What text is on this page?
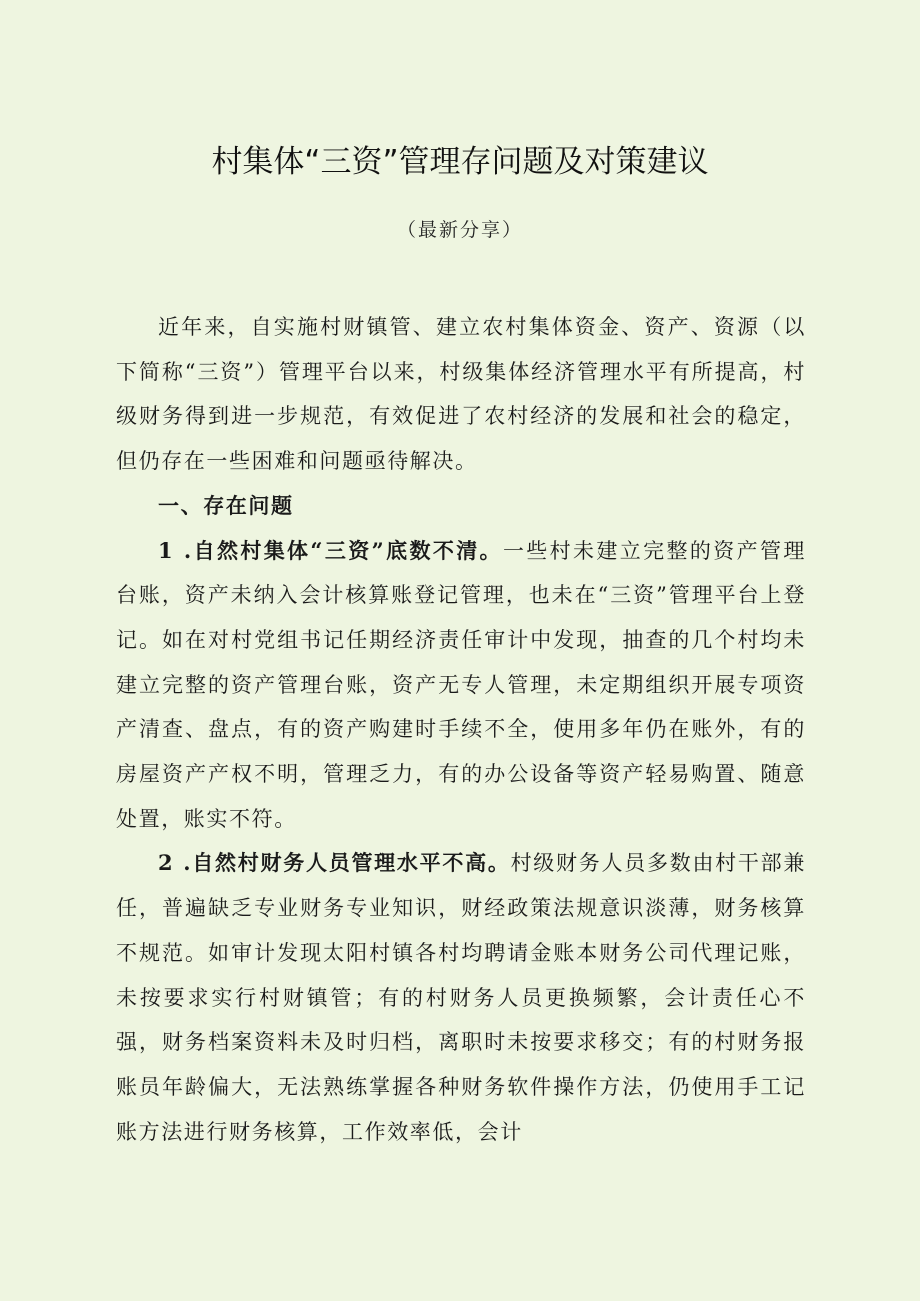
村集体“三资”管理存问题及对策建议
（最新分享）

近年来，自实施村财镇管、建立农村集体资金、资产、资源（以下简称“三资”）管理平台以来，村级集体经济管理水平有所提高，村级财务得到进一步规范，有效促进了农村经济的发展和社会的稳定，但仍存在一些困难和问题亟待解决。

一、存在问题

1 .自然村集体“三资”底数不清。一些村未建立完整的资产管理台账，资产未纳入会计核算账登记管理，也未在“三资”管理平台上登记。如在对村党组书记任期经济责任审计中发现，抽查的几个村均未建立完整的资产管理台账，资产无专人管理，未定期组织开展专项资产清查、盘点，有的资产购建时手续不全，使用多年仍在账外，有的房屋资产产权不明，管理乏力，有的办公设备等资产轻易购置、随意处置，账实不符。

2 .自然村财务人员管理水平不高。村级财务人员多数由村干部兼任，普遍缺乏专业财务专业知识，财经政策法规意识淡薄，财务核算不规范。如审计发现太阳村镇各村均聘请金账本财务公司代理记账，未按要求实行村财镇管；有的村财务人员更换频繁，会计责任心不强，财务档案资料未及时归档，离职时未按要求移交；有的村财务报账员年龄偏大，无法熟练掌握各种财务软件操作方法，仍使用手工记账方法进行财务核算，工作效率低，会计
